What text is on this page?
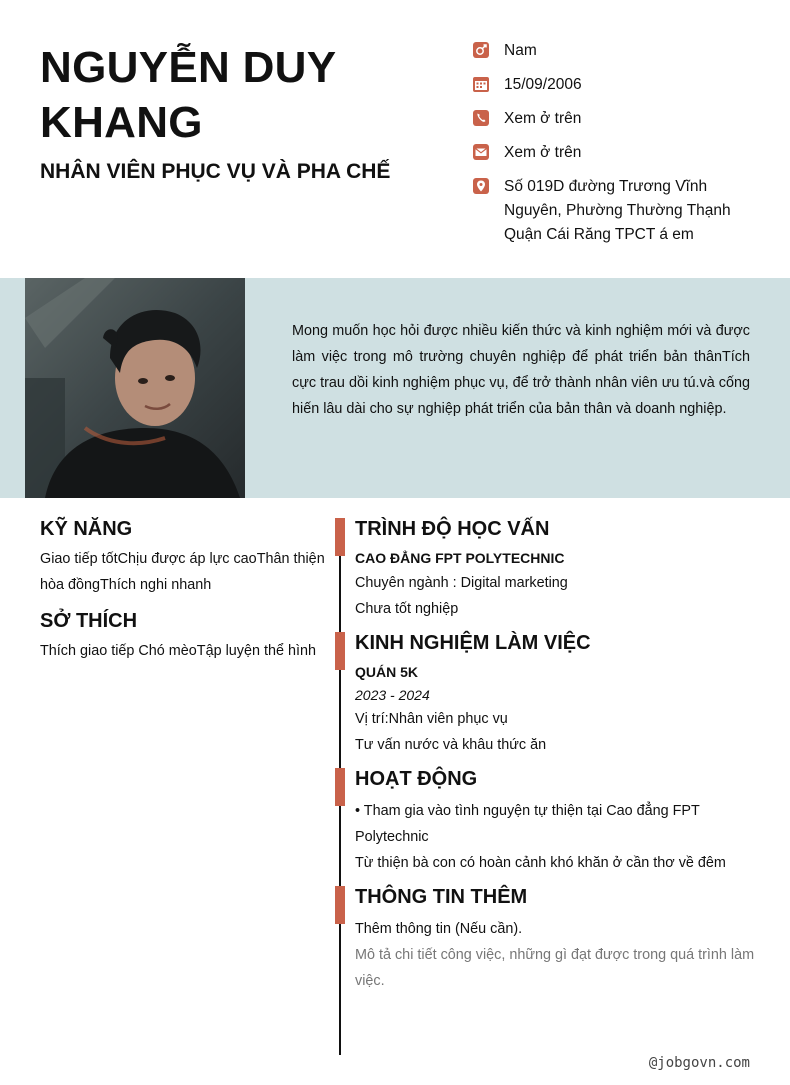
NGUYỄN DUY KHANG
NHÂN VIÊN PHỤC VỤ VÀ PHA CHẾ
Nam
15/09/2006
Xem ở trên
Xem ở trên
Số 019D đường Trương Vĩnh Nguyên, Phường Thường Thạnh Quận Cái Răng TPCT á em
Mong muốn học hỏi được nhiều kiến thức và kinh nghiệm mới và được làm việc trong mô trường chuyên nghiệp để phát triển bản thânTích cực trau dồi kinh nghiệm phục vụ, để trở thành nhân viên ưu tú.và cống hiến lâu dài cho sự nghiệp phát triển của bản thân và doanh nghiệp.
KỸ NĂNG
Giao tiếp tốtChịu được áp lực caoThân thiện hòa đồngThích nghi nhanh
SỞ THÍCH
Thích giao tiếp Chó mèoTập luyện thể hình
TRÌNH ĐỘ HỌC VẤN
CAO ĐẲNG FPT POLYTECHNIC
Chuyên ngành : Digital marketing
Chưa tốt nghiệp
KINH NGHIỆM LÀM VIỆC
QUÁN 5K
2023 - 2024
Vị trí:Nhân viên phục vụ
Tư vấn nước và khâu thức ăn
HOẠT ĐỘNG
• Tham gia vào tình nguyện tự thiện tại Cao đẳng FPT Polytechnic
Từ thiện bà con có hoàn cảnh khó khăn ở cần thơ về đêm
THÔNG TIN THÊM
Thêm thông tin (Nếu cần).
Mô tả chi tiết công việc, những gì đạt được trong quá trình làm việc.
@jobgovn.com
